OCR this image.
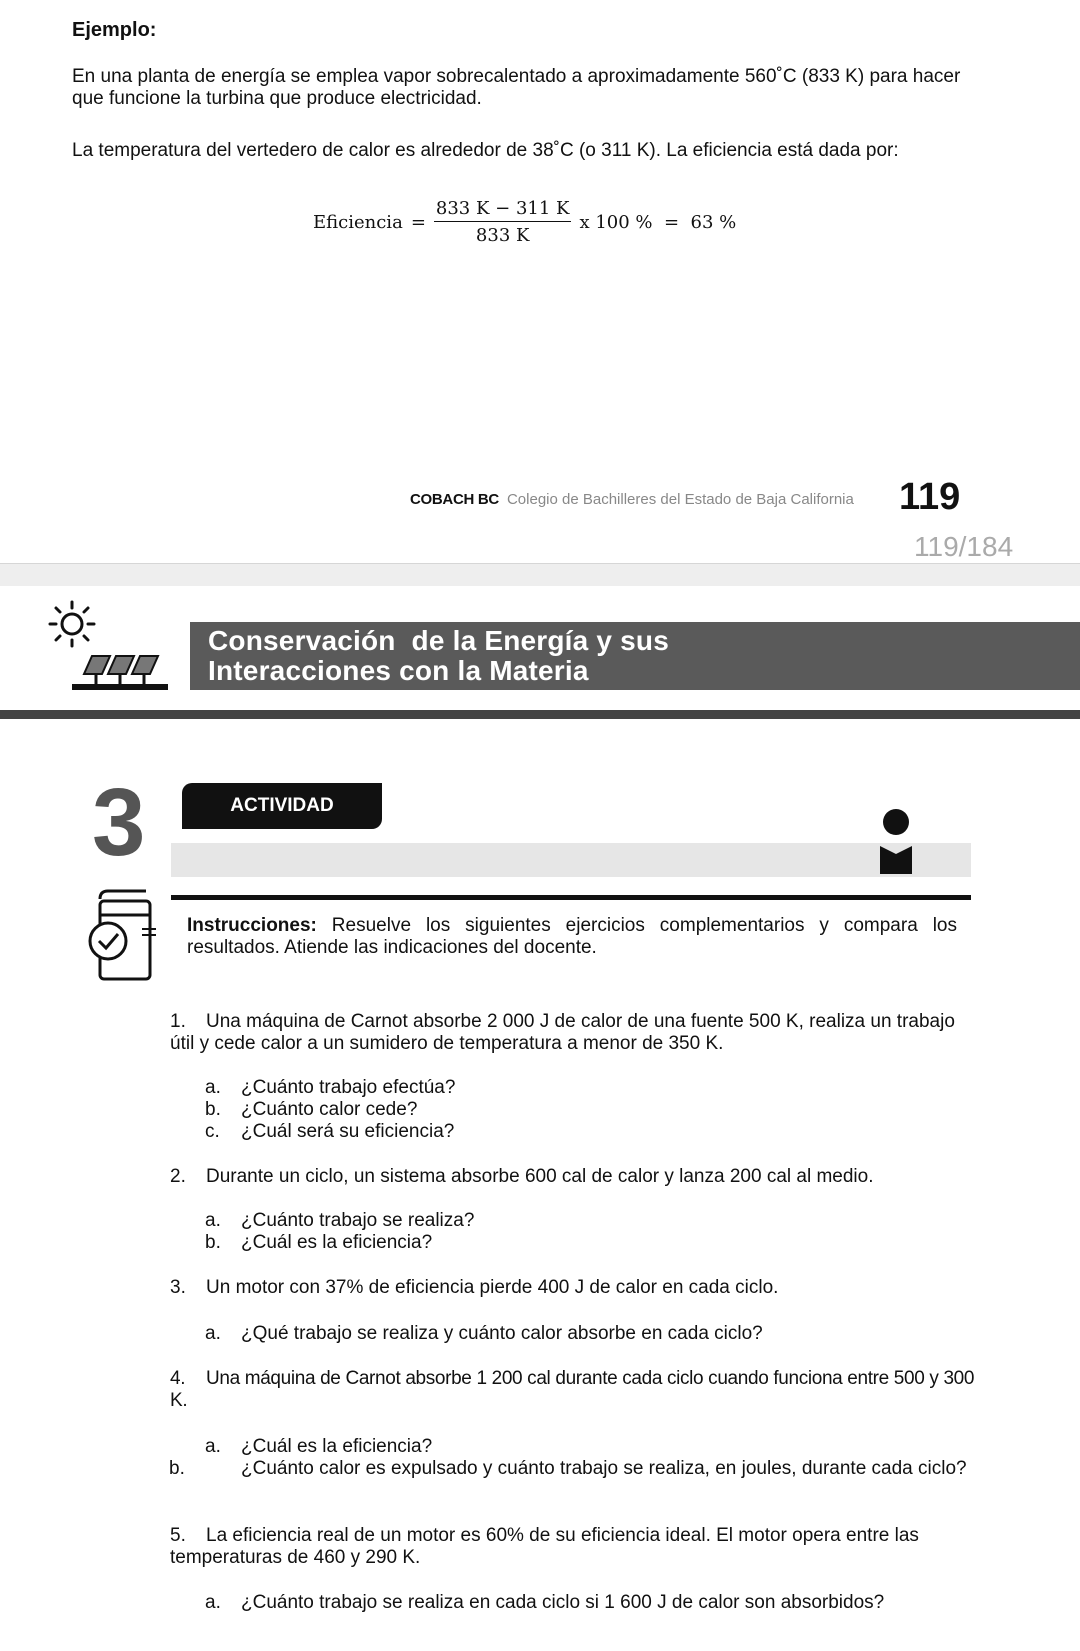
Ejemplo:
En una planta de energía se emplea vapor sobrecalentado a aproximadamente 560˚C (833 K) para hacer que funcione la turbina que produce electricidad.
La temperatura del vertedero de calor es alrededor de 38˚C (o 311 K). La eficiencia está dada por:
Eficiencia = $\frac{833 K - 311 K}{833 K}$ x 100 %  =  63 %
COBACH BC Colegio de Bachilleres del Estado de Baja California 119
119/184
Conservación  de la Energía y sus
Interacciones con la Materia
3	ACTIVIDAD
Instrucciones: Resuelve los siguientes ejercicios complementarios y compara los resultados. Atiende las indicaciones del docente.
1. Una máquina de Carnot absorbe 2 000 J de calor de una fuente 500 K, realiza un trabajo útil y cede calor a un sumidero de temperatura a menor de 350 K.
a. ¿Cuánto trabajo efectúa?
b. ¿Cuánto calor cede?
c. ¿Cuál será su eficiencia?
2. Durante un ciclo, un sistema absorbe 600 cal de calor y lanza 200 cal al medio.
a. ¿Cuánto trabajo se realiza?
b. ¿Cuál es la eficiencia?
3. Un motor con 37% de eficiencia pierde 400 J de calor en cada ciclo.
a. ¿Qué trabajo se realiza y cuánto calor absorbe en cada ciclo?
4. Una máquina de Carnot absorbe 1 200 cal durante cada ciclo cuando funciona entre 500 y 300 K.
a. ¿Cuál es la eficiencia?
b.	¿Cuánto calor es expulsado y cuánto trabajo se realiza, en joules, durante cada ciclo?
5. La eficiencia real de un motor es 60% de su eficiencia ideal. El motor opera entre las temperaturas de 460 y 290 K.
a. ¿Cuánto trabajo se realiza en cada ciclo si 1 600 J de calor son absorbidos?
